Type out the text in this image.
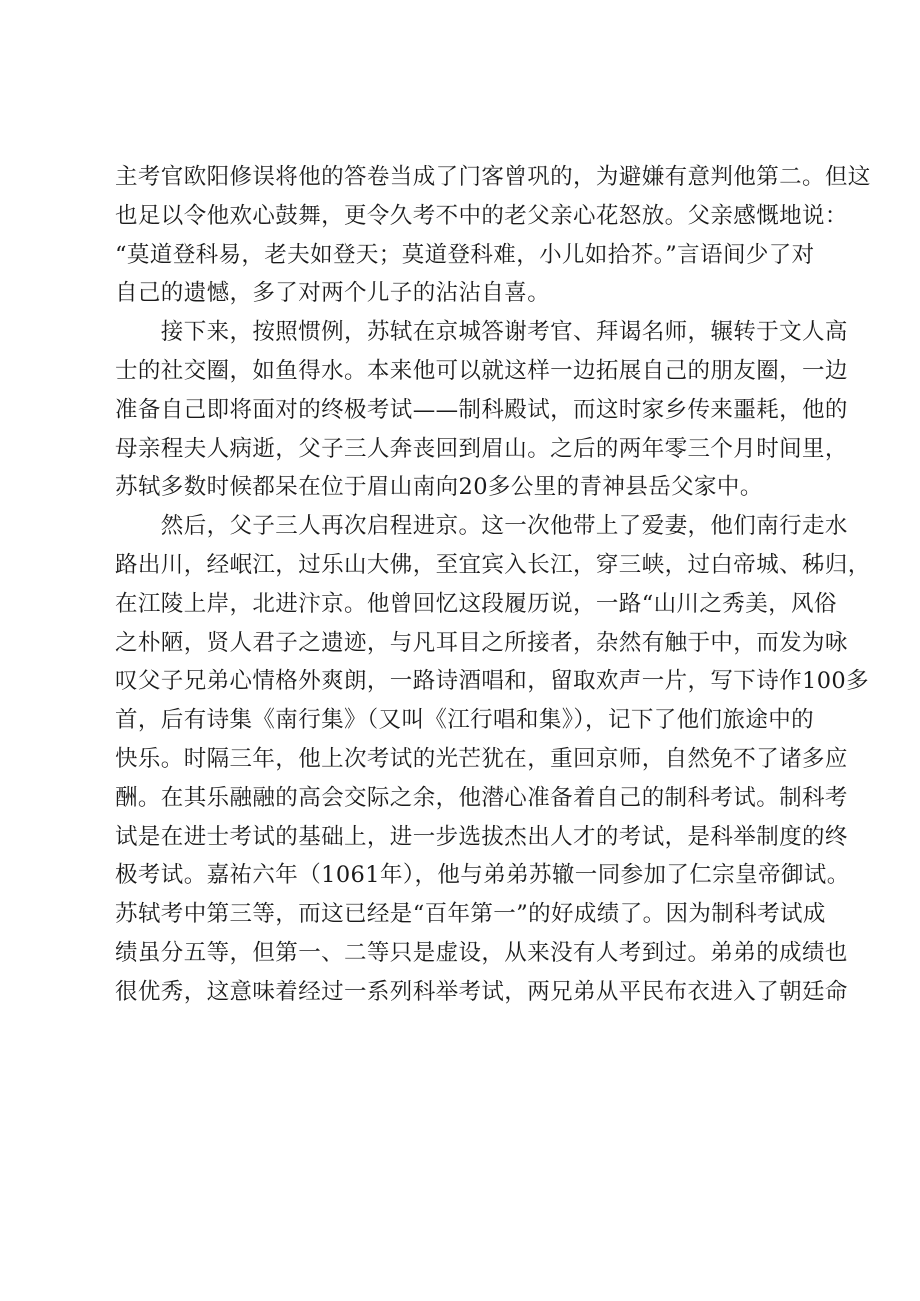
主考官欧阳修误将他的答卷当成了门客曾巩的，为避嫌有意判他第二。但这
也足以令他欢心鼓舞，更令久考不中的老父亲心花怒放。父亲感慨地说：
“莫道登科易，老夫如登天；莫道登科难，小儿如拾芥。”言语间少了对
自己的遗憾，多了对两个儿子的沾沾自喜。
　　接下来，按照惯例，苏轼在京城答谢考官、拜谒名师，辗转于文人高
士的社交圈，如鱼得水。本来他可以就这样一边拓展自己的朋友圈，一边
准备自己即将面对的终极考试——制科殿试，而这时家乡传来噩耗，他的
母亲程夫人病逝，父子三人奔丧回到眉山。之后的两年零三个月时间里，
苏轼多数时候都呆在位于眉山南向20多公里的青神县岳父家中。
　　然后，父子三人再次启程进京。这一次他带上了爱妻，他们南行走水
路出川，经岷江，过乐山大佛，至宜宾入长江，穿三峡，过白帝城、秭归，
在江陵上岸，北进汴京。他曾回忆这段履历说，一路“山川之秀美，风俗
之朴陋，贤人君子之遗迹，与凡耳目之所接者，杂然有触于中，而发为咏
叹父子兄弟心情格外爽朗，一路诗酒唱和，留取欢声一片，写下诗作100多
首，后有诗集《南行集》（又叫《江行唱和集》），记下了他们旅途中的
快乐。时隔三年，他上次考试的光芒犹在，重回京师，自然免不了诸多应
酬。在其乐融融的高会交际之余，他潜心准备着自己的制科考试。制科考
试是在进士考试的基础上，进一步选拔杰出人才的考试，是科举制度的终
极考试。嘉祐六年（1061年），他与弟弟苏辙一同参加了仁宗皇帝御试。
苏轼考中第三等，而这已经是“百年第一”的好成绩了。因为制科考试成
绩虽分五等，但第一、二等只是虚设，从来没有人考到过。弟弟的成绩也
很优秀，这意味着经过一系列科举考试，两兄弟从平民布衣进入了朝廷命
